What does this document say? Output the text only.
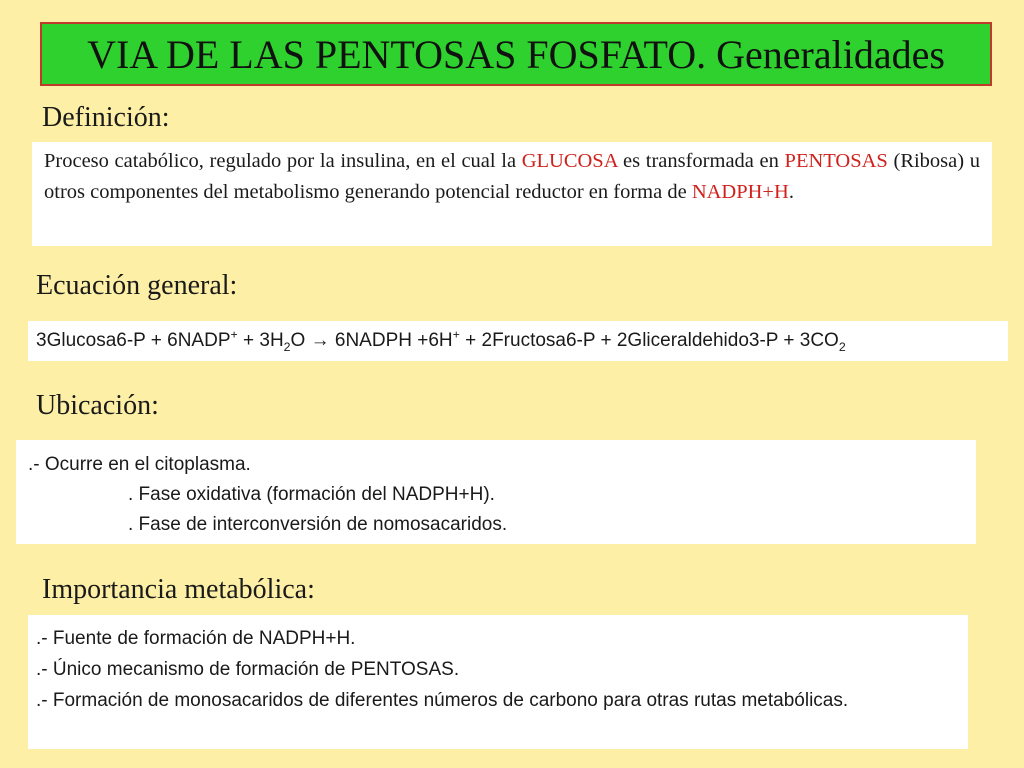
VIA DE LAS PENTOSAS FOSFATO. Generalidades
Definición:
Proceso catabólico, regulado por la insulina, en el cual la GLUCOSA es transformada en PENTOSAS (Ribosa) u otros componentes del metabolismo generando potencial reductor en forma de NADPH+H.
Ecuación general:
3Glucosa6-P + 6NADP+ + $3H_2O$ → 6NADPH +6H+ + 2Fructosa6-P + 2Gliceraldehido3-P + $3CO_2$
Ubicación:
.- Ocurre en el citoplasma.
. Fase oxidativa (formación del NADPH+H).
. Fase de interconversión de nomosacaridos.
Importancia metabólica:
.- Fuente de formación de NADPH+H.
.- Único mecanismo de formación de PENTOSAS.
.- Formación de monosacaridos de diferentes números de carbono para otras rutas metabólicas.
